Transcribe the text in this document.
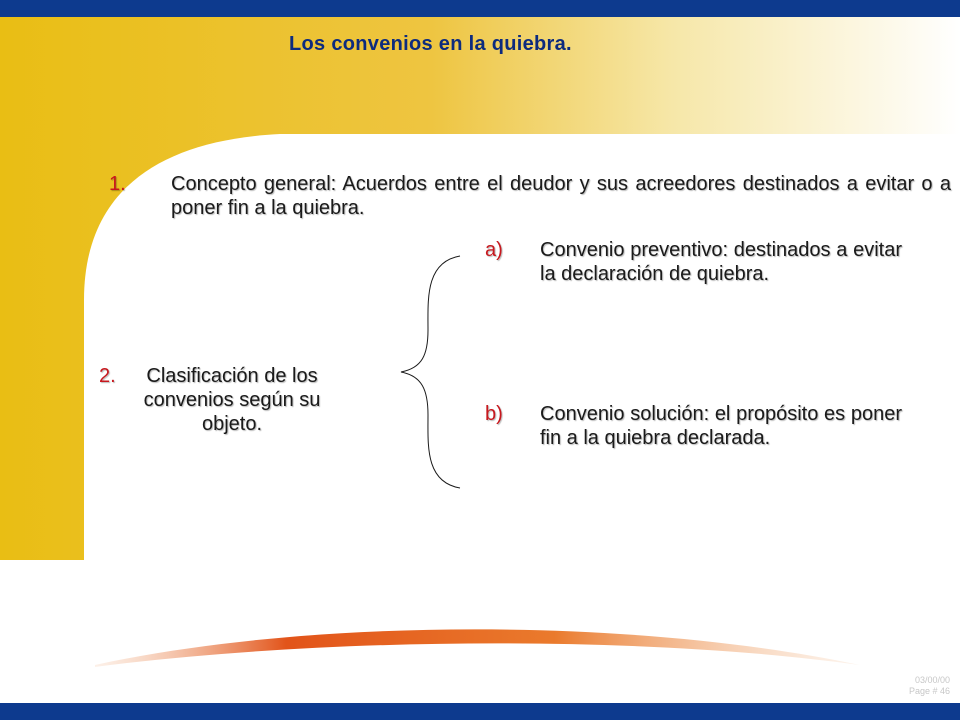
Los convenios en la quiebra.
1. Concepto general: Acuerdos entre el deudor y sus acreedores destinados a evitar o a poner fin a la quiebra.
a) Convenio preventivo: destinados a evitar la declaración de quiebra.
2.	Clasificación de los convenios según su objeto.	b) Convenio solución: el propósito es poner fin a la quiebra declarada.
03/00/00
Page # 46
